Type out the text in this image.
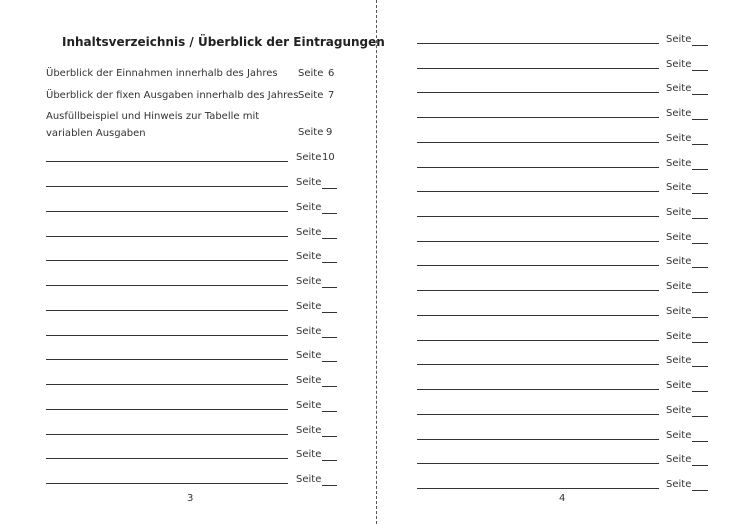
Inhaltsverzeichnis / Überblick der Eintragungen
Überblick der Einnahmen innerhalb des Jahres Seite 6
Überblick der fixen Ausgaben innerhalb des Jahres Seite 7
Ausfüllbeispiel und Hinweis zur Tabelle mit
variablen Ausgaben	Seite 9
Seite 10
Seite
Seite
Seite
Seite
Seite
Seite
Seite
Seite
Seite
Seite
Seite
Seite
Seite
3
Seite
Seite
Seite
Seite
Seite
Seite
Seite
Seite
Seite
Seite
Seite
Seite
Seite
Seite
Seite
Seite
Seite
Seite
Seite
4
